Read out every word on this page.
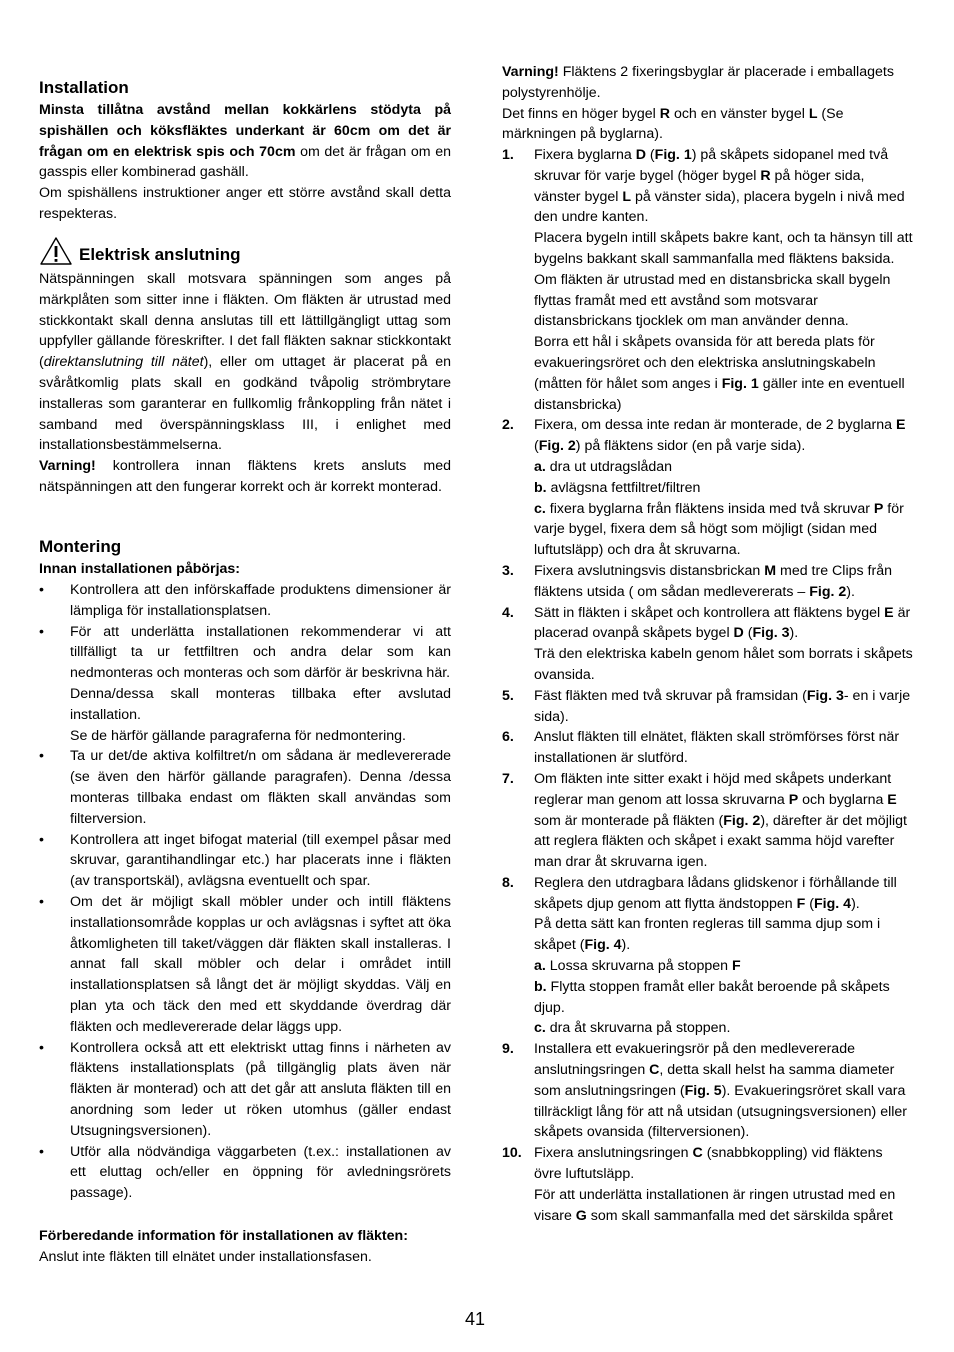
Installation

Minsta tillåtna avstånd mellan kokkärlens stödyta på spishällen och köksfläktes underkant är 60cm om det är frågan om en elektrisk spis och 70cm om det är frågan om en gasspis eller kombinerad gashäll.

Om spishällens instruktioner anger ett större avstånd skall detta respekteras.

Elektrisk anslutning

Nätspänningen skall motsvara spänningen som anges på märkplåten som sitter inne i fläkten. Om fläkten är utrustad med stickkontakt skall denna anslutas till ett lättillgängligt uttag som uppfyller gällande föreskrifter. I det fall fläkten saknar stickkontakt (direktanslutning till nätet), eller om uttaget är placerat på en svåråtkomlig plats skall en godkänd tvåpolig strömbrytare installeras som garanterar en fullkomlig frånkoppling från nätet i samband med överspänningsklass III, i enlighet med installationsbestämmelserna.
Varning! kontrollera innan fläktens krets ansluts med nätspänningen att den fungerar korrekt och är korrekt monterad.

Montering

Innan installationen påbörjas:

• Kontrollera att den införskaffade produktens dimensioner är lämpliga för installationsplatsen.
• För att underlätta installationen rekommenderar vi att tillfälligt ta ur fettfiltren och andra delar som kan nedmonteras och monteras och som därför är beskrivna här.
Denna/dessa skall monteras tillbaka efter avslutad installation.
Se de härför gällande paragraferna för nedmontering.
• Ta ur det/de aktiva kolfiltret/n om sådana är medlevererade (se även den härför gällande paragrafen). Denna /dessa monteras tillbaka endast om fläkten skall användas som filterversion.
• Kontrollera att inget bifogat material (till exempel påsar med skruvar, garantihandlingar etc.) har placerats inne i fläkten (av transportskäl), avlägsna eventuellt och spar.
• Om det är möjligt skall möbler under och intill fläktens installationsområde kopplas ur och avlägsnas i syftet att öka åtkomligheten till taket/väggen där fläkten skall installeras. I annat fall skall möbler och delar i området intill installationsplatsen så långt det är möjligt skyddas. Välj en plan yta och täck den med ett skyddande överdrag där fläkten och medlevererade delar läggs upp.
• Kontrollera också att ett elektriskt uttag finns i närheten av fläktens installationsplats (på tillgänglig plats även när fläkten är monterad) och att det går att ansluta fläkten till en anordning som leder ut röken utomhus (gäller endast Utsugningsversionen).
• Utför alla nödvändiga väggarbeten (t.ex.: installationen av ett eluttag och/eller en öppning för avledningsrörets passage).

Förberedande information för installationen av fläkten:

Anslut inte fläkten till elnätet under installationsfasen.

Varning! Fläktens 2 fixeringsbyglar är placerade i emballagets polystyrenhölje.
Det finns en höger bygel R och en vänster bygel L (Se märkningen på byglarna).

1. Fixera byglarna D (Fig. 1) på skåpets sidopanel med två skruvar för varje bygel (höger bygel R på höger sida, vänster bygel L på vänster sida), placera bygeln i nivå med den undre kanten.
Placera bygeln intill skåpets bakre kant, och ta hänsyn till att bygelns bakkant skall sammanfalla med fläktens baksida.
Om fläkten är utrustad med en distansbricka skall bygeln flyttas framåt med ett avstånd som motsvarar distansbrickans tjocklek om man använder denna.
Borra ett hål i skåpets ovansida för att bereda plats för evakueringsröret och den elektriska anslutningskabeln (måtten för hålet som anges i Fig. 1 gäller inte en eventuell distansbricka)
2. Fixera, om dessa inte redan är monterade, de 2 byglarna E (Fig. 2) på fläktens sidor (en på varje sida).
a. dra ut utdragslådan
b. avlägsna fettfiltret/filtren
c. fixera byglarna från fläktens insida med två skruvar P för varje bygel, fixera dem så högt som möjligt (sidan med luftutsläpp) och dra åt skruvarna.
3. Fixera avslutningsvis distansbrickan M med tre Clips från fläktens utsida ( om sådan medlevererats – Fig. 2).
4. Sätt in fläkten i skåpet och kontrollera att fläktens bygel E är placerad ovanpå skåpets bygel D (Fig. 3).
Trä den elektriska kabeln genom hålet som borrats i skåpets ovansida.
5. Fäst fläkten med två skruvar på framsidan (Fig. 3- en i varje sida).
6. Anslut fläkten till elnätet, fläkten skall strömförses först när installationen är slutförd.
7. Om fläkten inte sitter exakt i höjd med skåpets underkant reglerar man genom att lossa skruvarna P och byglarna E som är monterade på fläkten (Fig. 2), därefter är det möjligt att reglera fläkten och skåpet i exakt samma höjd varefter man drar åt skruvarna igen.
8. Reglera den utdragbara lådans glidskenor i förhållande till skåpets djup genom att flytta ändstoppen F (Fig. 4).
På detta sätt kan fronten regleras till samma djup som i skåpet (Fig. 4).
a. Lossa skruvarna på stoppen F
b. Flytta stoppen framåt eller bakåt beroende på skåpets djup.
c. dra åt skruvarna på stoppen.
9. Installera ett evakueringsrör på den medlevererade anslutningsringen C, detta skall helst ha samma diameter som anslutningsringen (Fig. 5). Evakueringsröret skall vara tillräckligt lång för att nå utsidan (utsugningsversionen) eller skåpets ovansida (filterversionen).
10. Fixera anslutningsringen C (snabbkoppling) vid fläktens övre luftutsläpp.
För att underlätta installationen är ringen utrustad med en visare G som skall sammanfalla med det särskilda spåret
41
